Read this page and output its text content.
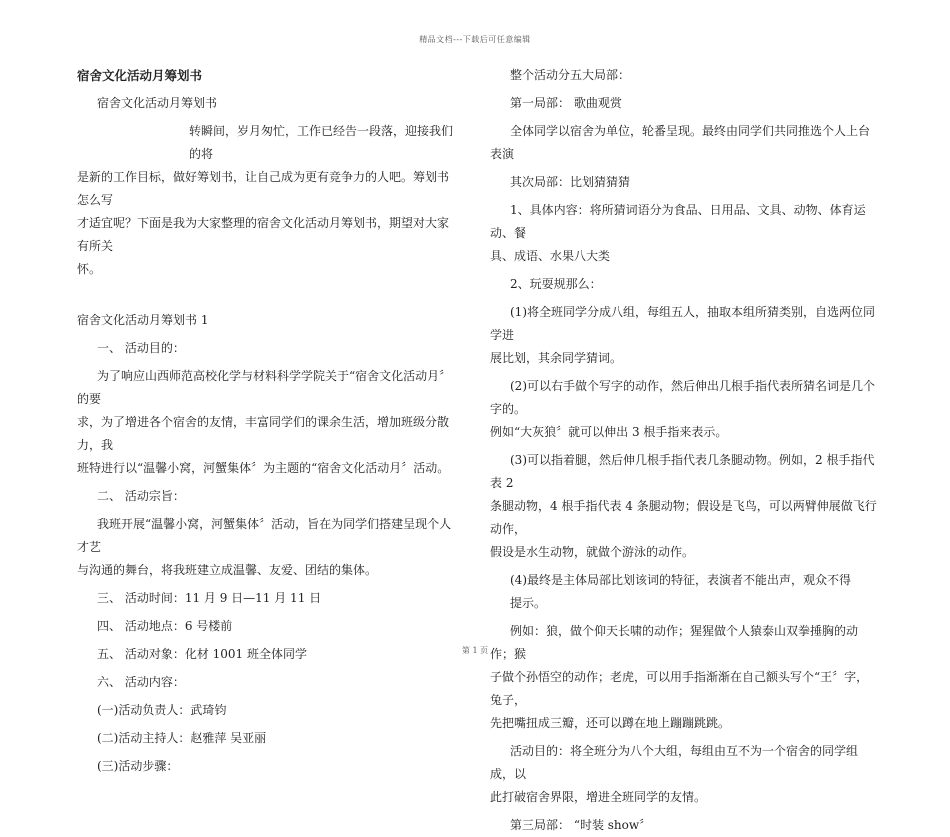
精品文档---下载后可任意编辑

宿舍文化活动月筹划书

宿舍文化活动月筹划书

转瞬间，岁月匆忙，工作已经告一段落，迎接我们的将

是新的工作目标，做好筹划书，让自己成为更有竞争力的人吧。筹划书怎么写

才适宜呢？下面是我为大家整理的宿舍文化活动月筹划书，期望对大家有所关

怀。

宿舍文化活动月筹划书 1

一、 活动目的：

为了响应山西师范高校化学与材料科学学院关于“宿舍文化活动月〞的要

求，为了增进各个宿舍的友情，丰富同学们的课余生活，增加班级分散力，我

班特进行以“温馨小窝，河蟹集体〞为主题的“宿舍文化活动月〞活动。

二、 活动宗旨：

我班开展“温馨小窝，河蟹集体〞活动，旨在为同学们搭建呈现个人才艺

与沟通的舞台，将我班建立成温馨、友爱、团结的集体。

三、 活动时间：11 月 9 日—11 月 11 日

四、 活动地点：6 号楼前

五、 活动对象：化材 1001 班全体同学

六、 活动内容：

(一)活动负责人：武琦钧

(二)活动主持人：赵雅萍 吴亚丽

(三)活动步骤：

整个活动分五大局部：

第一局部： 歌曲观赏

全体同学以宿舍为单位，轮番呈现。最终由同学们共同推选个人上台表演

其次局部：比划猜猜猜

1、具体内容：将所猜词语分为食品、日用品、文具、动物、体育运动、餐

具、成语、水果八大类

2、玩耍规那么：

(1)将全班同学分成八组，每组五人，抽取本组所猜类别，自选两位同学进

展比划，其余同学猜词。

(2)可以右手做个写字的动作，然后伸出几根手指代表所猜名词是几个字的。

例如“大灰狼〞就可以伸出 3 根手指来表示。

(3)可以指着腿，然后伸几根手指代表几条腿动物。例如，2 根手指代表 2

条腿动物，4 根手指代表 4 条腿动物；假设是飞鸟，可以两臂伸展做飞行动作，

假设是水生动物，就做个游泳的动作。

(4)最终是主体局部比划该词的特征，表演者不能出声，观众不得

提示。

例如：狼，做个仰天长啸的动作；猩猩做个人猿泰山双拳捶胸的动作；猴

子做个孙悟空的动作；老虎，可以用手指渐渐在自己额头写个“王〞字，兔子，

先把嘴扭成三瓣，还可以蹲在地上蹦蹦跳跳。

活动目的：将全班分为八个大组，每组由互不为一个宿舍的同学组成，以

此打破宿舍界限，增进全班同学的友情。

第三局部： “时装 show〞

第 1 页
